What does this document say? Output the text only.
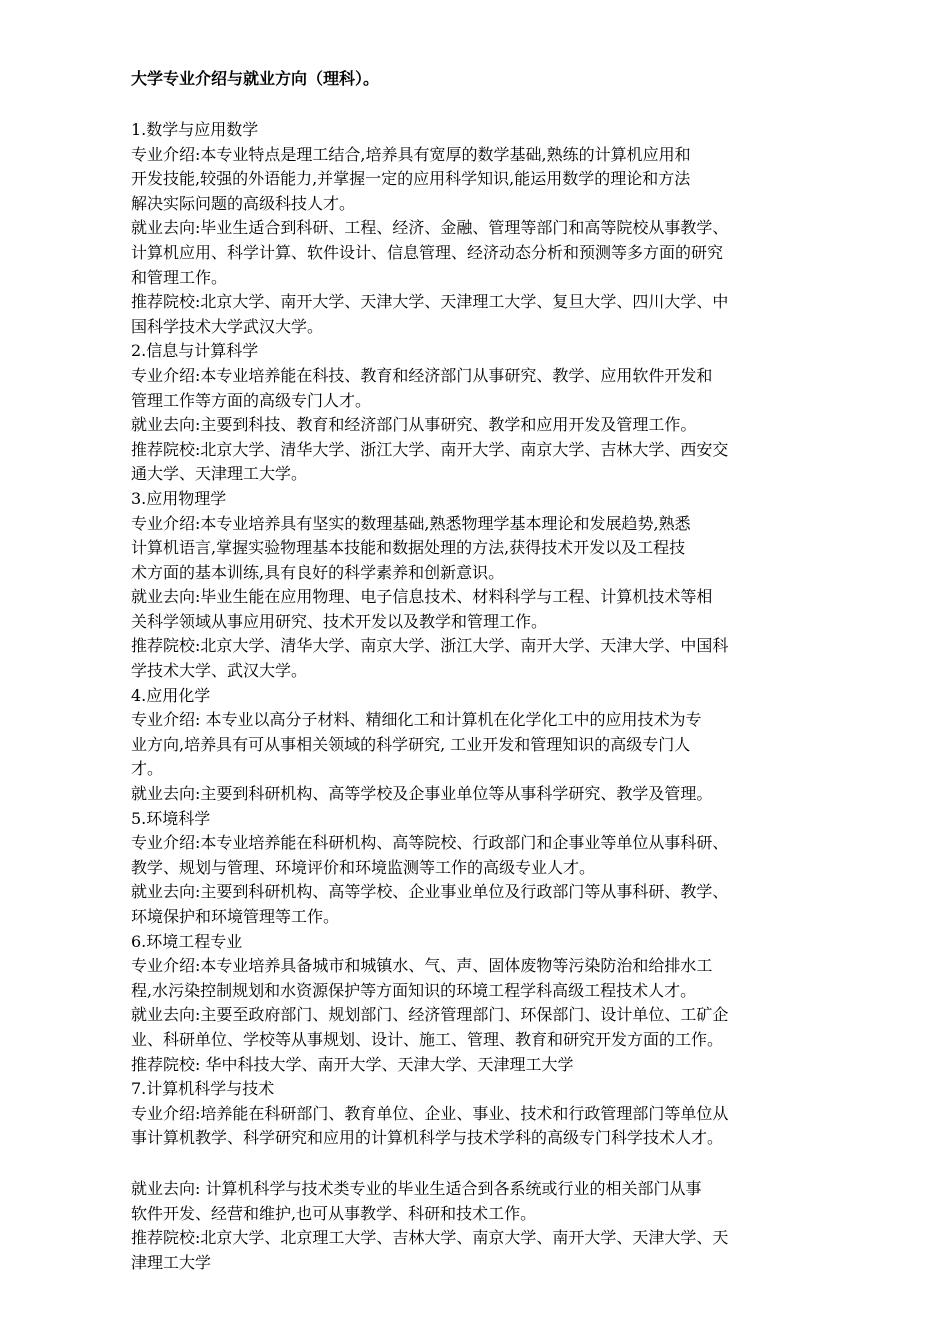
大学专业介绍与就业方向（理科）。
1.数学与应用数学
专业介绍:本专业特点是理工结合,培养具有宽厚的数学基础,熟练的计算机应用和
开发技能,较强的外语能力,并掌握一定的应用科学知识,能运用数学的理论和方法
解决实际问题的高级科技人才。
就业去向:毕业生适合到科研、工程、经济、金融、管理等部门和高等院校从事教学、
计算机应用、科学计算、软件设计、信息管理、经济动态分析和预测等多方面的研究
和管理工作。
推荐院校:北京大学、南开大学、天津大学、天津理工大学、复旦大学、四川大学、中
国科学技术大学武汉大学。
2.信息与计算科学
专业介绍:本专业培养能在科技、教育和经济部门从事研究、教学、应用软件开发和
管理工作等方面的高级专门人才。
就业去向:主要到科技、教育和经济部门从事研究、教学和应用开发及管理工作。
推荐院校:北京大学、清华大学、浙江大学、南开大学、南京大学、吉林大学、西安交
通大学、天津理工大学。
3.应用物理学
专业介绍:本专业培养具有坚实的数理基础,熟悉物理学基本理论和发展趋势,熟悉
计算机语言,掌握实验物理基本技能和数据处理的方法,获得技术开发以及工程技
术方面的基本训练,具有良好的科学素养和创新意识。
就业去向:毕业生能在应用物理、电子信息技术、材料科学与工程、计算机技术等相
关科学领域从事应用研究、技术开发以及教学和管理工作。
推荐院校:北京大学、清华大学、南京大学、浙江大学、南开大学、天津大学、中国科
学技术大学、武汉大学。
4.应用化学
专业介绍: 本专业以高分子材料、精细化工和计算机在化学化工中的应用技术为专
业方向,培养具有可从事相关领域的科学研究, 工业开发和管理知识的高级专门人
才。
就业去向:主要到科研机构、高等学校及企事业单位等从事科学研究、教学及管理。
5.环境科学
专业介绍:本专业培养能在科研机构、高等院校、行政部门和企事业等单位从事科研、
教学、规划与管理、环境评价和环境监测等工作的高级专业人才。
就业去向:主要到科研机构、高等学校、企业事业单位及行政部门等从事科研、教学、
环境保护和环境管理等工作。
6.环境工程专业
专业介绍:本专业培养具备城市和城镇水、气、声、固体废物等污染防治和给排水工
程,水污染控制规划和水资源保护等方面知识的环境工程学科高级工程技术人才。
就业去向:主要至政府部门、规划部门、经济管理部门、环保部门、设计单位、工矿企
业、科研单位、学校等从事规划、设计、施工、管理、教育和研究开发方面的工作。
推荐院校: 华中科技大学、南开大学、天津大学、天津理工大学
7.计算机科学与技术
专业介绍:培养能在科研部门、教育单位、企业、事业、技术和行政管理部门等单位从
事计算机教学、科学研究和应用的计算机科学与技术学科的高级专门科学技术人才。
就业去向: 计算机科学与技术类专业的毕业生适合到各系统或行业的相关部门从事
软件开发、经营和维护,也可从事教学、科研和技术工作。
推荐院校:北京大学、北京理工大学、吉林大学、南京大学、南开大学、天津大学、天
津理工大学
